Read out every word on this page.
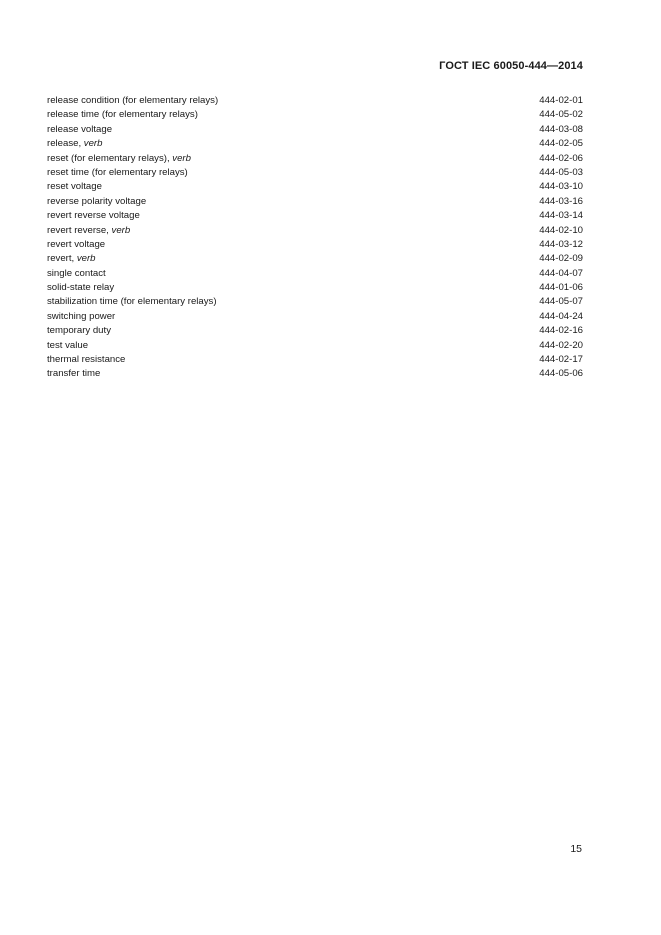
ГОСТ IEC 60050-444—2014
release condition (for elementary relays)	444-02-01
release time (for elementary relays)	444-05-02
release voltage	444-03-08
release, verb	444-02-05
reset (for elementary relays), verb	444-02-06
reset time (for elementary relays)	444-05-03
reset voltage	444-03-10
reverse polarity voltage	444-03-16
revert reverse voltage	444-03-14
revert reverse, verb	444-02-10
revert voltage	444-03-12
revert, verb	444-02-09
single contact	444-04-07
solid-state relay	444-01-06
stabilization time (for elementary relays)	444-05-07
switching power	444-04-24
temporary duty	444-02-16
test value	444-02-20
thermal resistance	444-02-17
transfer time	444-05-06
15
